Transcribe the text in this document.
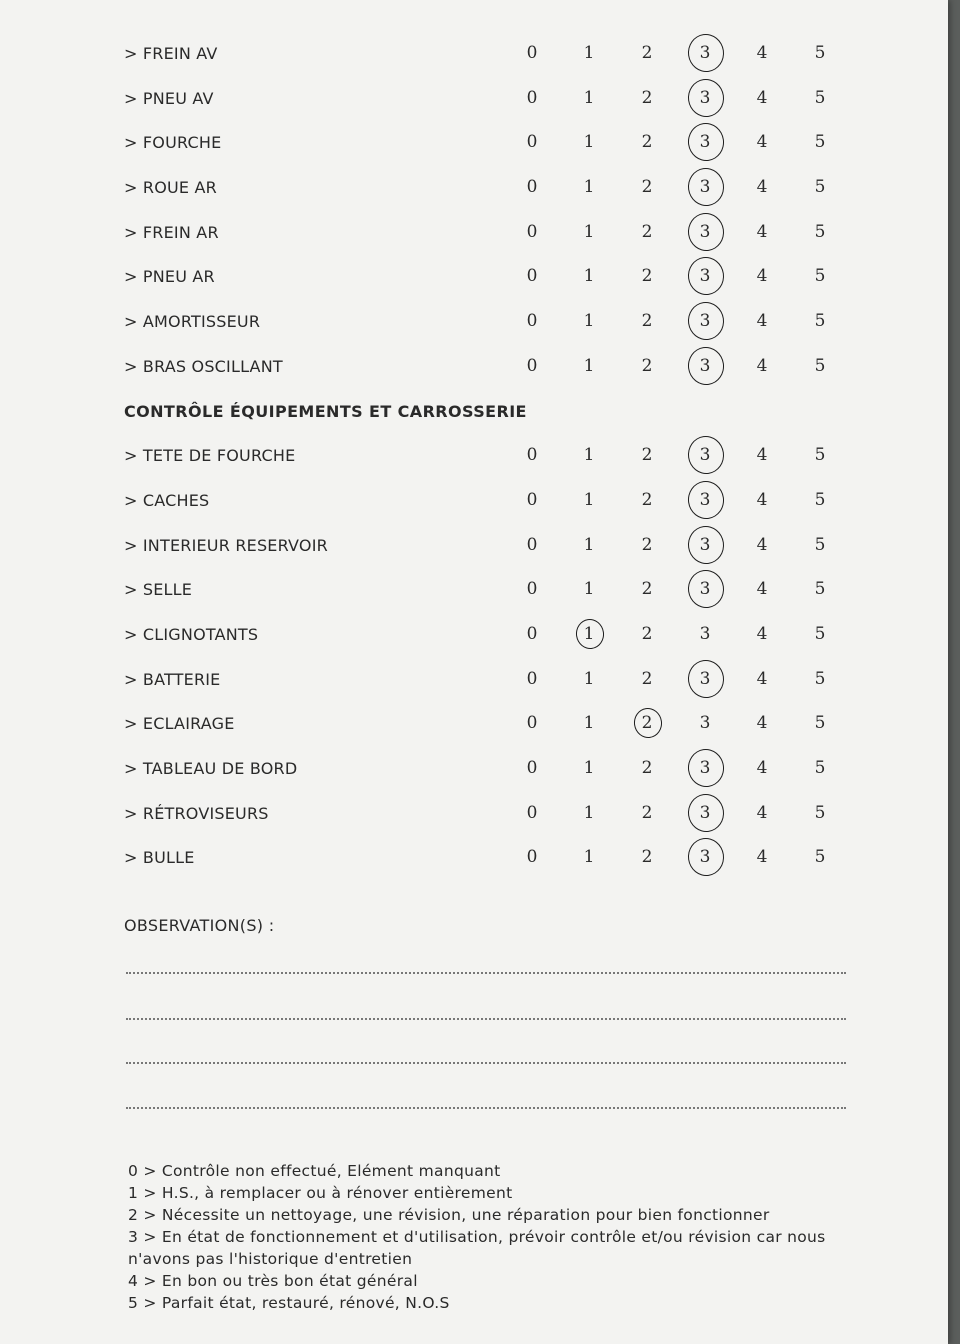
> FREIN AV	0	1	2	3	4	5
> PNEU AV	0	1	2	3	4	5
> FOURCHE	0	1	2	3	4	5
> ROUE AR	0	1	2	3	4	5
> FREIN AR	0	1	2	3	4	5
> PNEU AR	0	1	2	3	4	5
> AMORTISSEUR	0	1	2	3	4	5
> BRAS OSCILLANT	0	1	2	3	4	5
CONTRÔLE ÉQUIPEMENTS ET CARROSSERIE
> TETE DE FOURCHE	0	1	2	3	4	5
> CACHES	0	1	2	3	4	5
> INTERIEUR RESERVOIR	0	1	2	3	4	5
> SELLE	0	1	2	3	4	5
> CLIGNOTANTS	0	1	2	3	4	5
> BATTERIE	0	1	2	3	4	5
> ECLAIRAGE	0	1	2	3	4	5
> TABLEAU DE BORD	0	1	2	3	4	5
> RÉTROVISEURS	0	1	2	3	4	5
> BULLE	0	1	2	3	4	5
OBSERVATION(S) :
0 > Contrôle non effectué, Elément manquant
1 > H.S., à remplacer ou à rénover entièrement
2 > Nécessite un nettoyage, une révision, une réparation pour bien fonctionner
3 > En état de fonctionnement et d'utilisation, prévoir contrôle et/ou révision car nous n'avons pas l'historique d'entretien
4 > En bon ou très bon état général
5 > Parfait état, restauré, rénové, N.O.S
